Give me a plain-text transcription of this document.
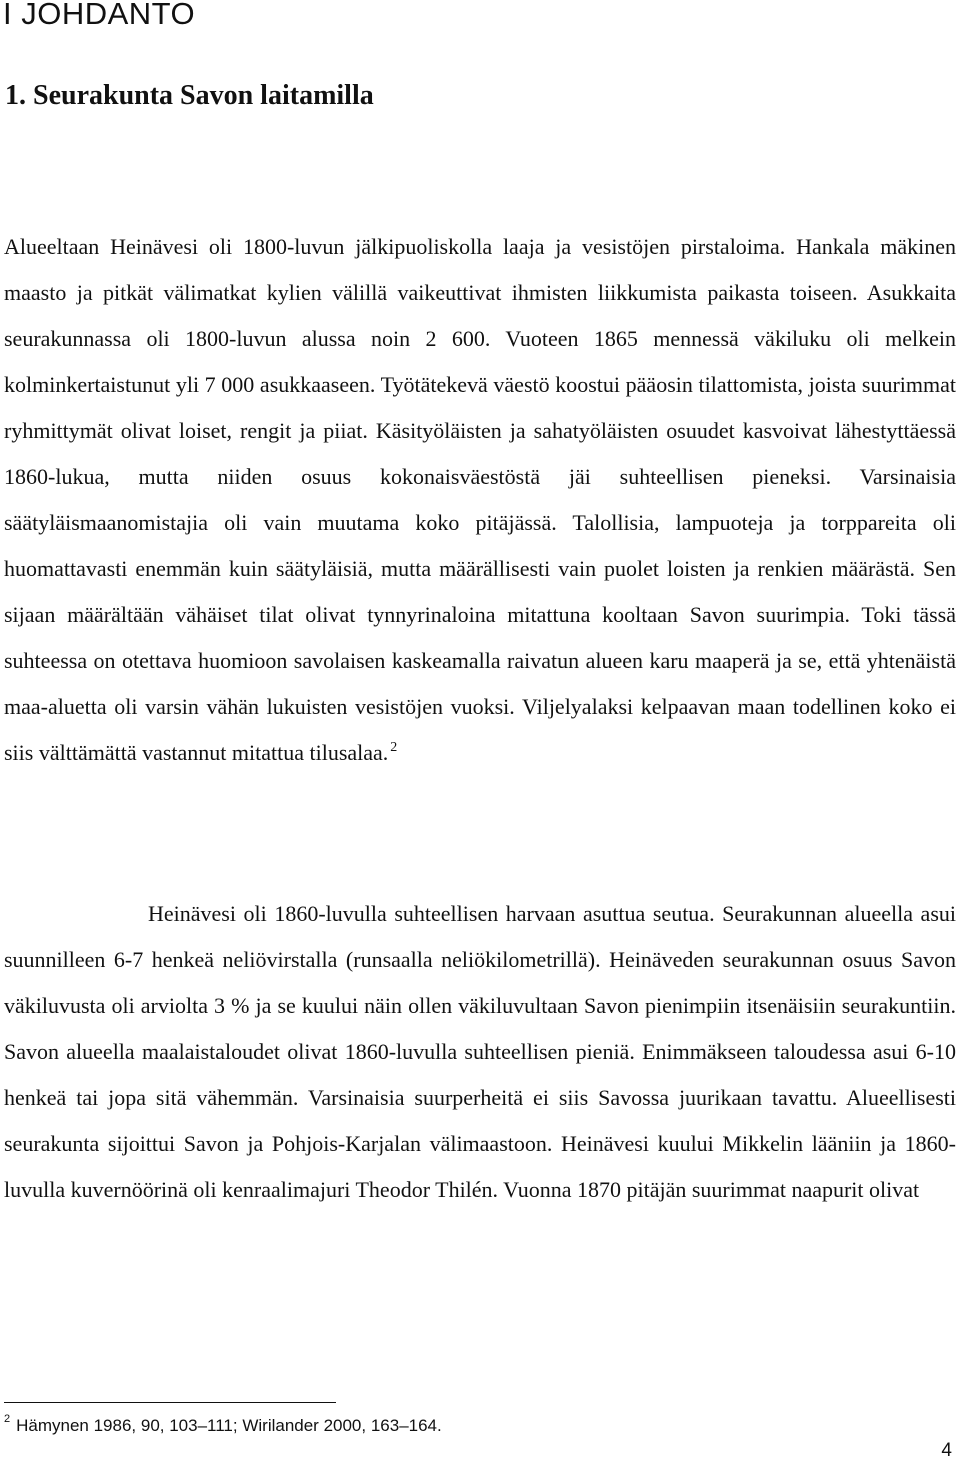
I JOHDANTO
1. Seurakunta Savon laitamilla

Alueeltaan Heinävesi oli 1800-luvun jälkipuoliskolla laaja ja vesistöjen pirstaloima. Hankala mäkinen maasto ja pitkät välimatkat kylien välillä vaikeuttivat ihmisten liikkumista paikasta toiseen. Asukkaita seurakunnassa oli 1800-luvun alussa noin 2 600. Vuoteen 1865 mennessä väkiluku oli melkein kolminkertaistunut yli 7 000 asukkaaseen. Työtätekevä väestö koostui pääosin tilattomista, joista suurimmat ryhmittymät olivat loiset, rengit ja piiat. Käsityöläisten ja sahatyöläisten osuudet kasvoivat lähestyttäessä 1860-lukua, mutta niiden osuus kokonaisväestöstä jäi suhteellisen pieneksi. Varsinaisia säätyläismaanomistajia oli vain muutama koko pitäjässä. Talollisia, lampuoteja ja torppareita oli huomattavasti enemmän kuin säätyläisiä, mutta määrällisesti vain puolet loisten ja renkien määrästä. Sen sijaan määrältään vähäiset tilat olivat tynnyrinaloina mitattuna kooltaan Savon suurimpia. Toki tässä suhteessa on otettava huomioon savolaisen kaskeamalla raivatun alueen karu maaperä ja se, että yhtenäistä maa-aluetta oli varsin vähän lukuisten vesistöjen vuoksi. Viljelyalaksi kelpaavan maan todellinen koko ei siis välttämättä vastannut mitattua tilusalaa. $^2$

Heinävesi oli 1860-luvulla suhteellisen harvaan asuttua seutua. Seurakunnan alueella asui suunnilleen 6-7 henkeä neliövirstalla (runsaalla neliökilometrillä). Heinäveden seurakunnan osuus Savon väkiluvusta oli arviolta 3 % ja se kuului näin ollen väkiluvultaan Savon pienimpiin itsenäisiin seurakuntiin. Savon alueella maalaistaloudet olivat 1860-luvulla suhteellisen pieniä. Enimmäkseen taloudessa asui 6-10 henkeä tai jopa sitä vähemmän. Varsinaisia suurperheitä ei siis Savossa juurikaan tavattu. Alueellisesti seurakunta sijoittui Savon ja Pohjois-Karjalan välimaastoon. Heinävesi kuului Mikkelin lääniin ja 1860-luvulla kuvernöörinä oli kenraalimajuri Theodor Thilén. Vuonna 1870 pitäjän suurimmat naapurit olivat

$^2$ Hämynen 1986, 90, 103–111; Wirilander 2000, 163–164.

4
